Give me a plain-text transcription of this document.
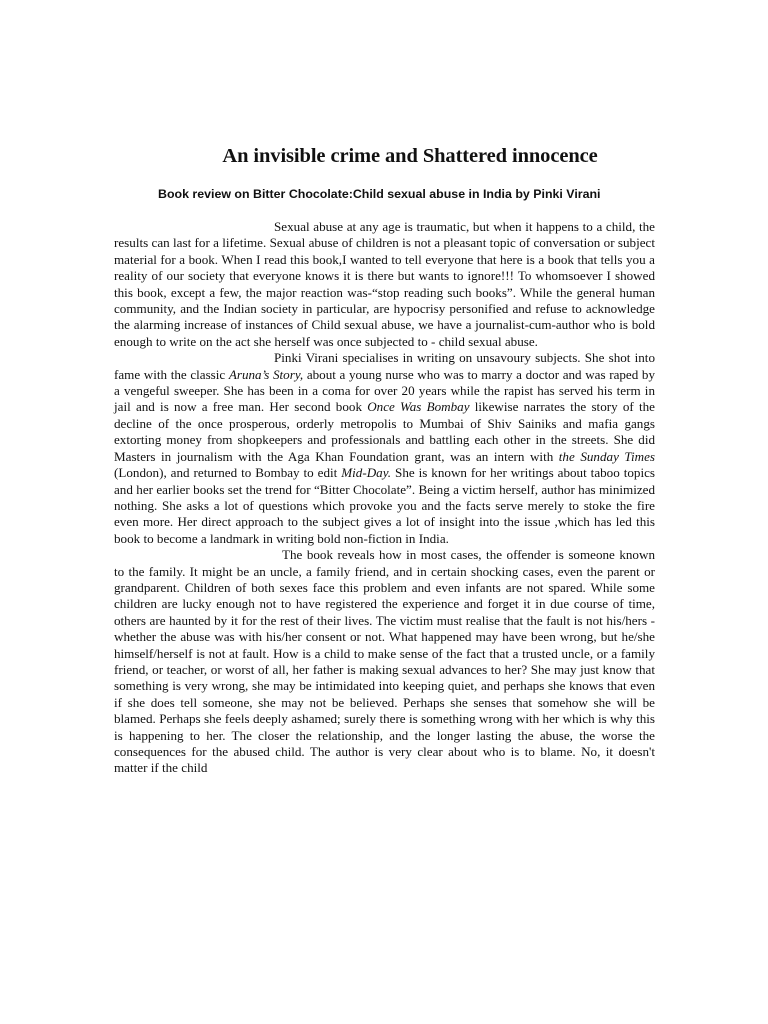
An invisible crime and Shattered innocence
Book review on Bitter Chocolate:Child sexual abuse in India by Pinki Virani

Sexual abuse at any age is traumatic, but when it happens to a child, the results can last for a lifetime. Sexual abuse of children is not a pleasant topic of conversation or subject material for a book. When I read this book,I wanted to tell everyone that here is a book that tells you a reality of our society that everyone knows it is there but wants to ignore!!! To whomsoever I showed this book, except a few, the major reaction was-“stop reading such books”. While the general human community, and the Indian society in particular, are hypocrisy personified and refuse to acknowledge the alarming increase of instances of Child sexual abuse, we have a journalist-cum-author who is bold enough to write on the act she herself was once subjected to - child sexual abuse.

Pinki Virani specialises in writing on unsavoury subjects. She shot into fame with the classic Aruna’s Story, about a young nurse who was to marry a doctor and was raped by a vengeful sweeper. She has been in a coma for over 20 years while the rapist has served his term in jail and is now a free man. Her second book Once Was Bombay likewise narrates the story of the decline of the once prosperous, orderly metropolis to Mumbai of Shiv Sainiks and mafia gangs extorting money from shopkeepers and professionals and battling each other in the streets. She did Masters in journalism with the Aga Khan Foundation grant, was an intern with the Sunday Times (London), and returned to Bombay to edit Mid-Day. She is known for her writings about taboo topics and her earlier books set the trend for “Bitter Chocolate”. Being a victim herself, author has minimized nothing. She asks a lot of questions which provoke you and the facts serve merely to stoke the fire even more. Her direct approach to the subject gives a lot of insight into the issue ,which has led this book to become a landmark in writing bold non-fiction in India.

The book reveals how in most cases, the offender is someone known to the family. It might be an uncle, a family friend, and in certain shocking cases, even the parent or grandparent. Children of both sexes face this problem and even infants are not spared. While some children are lucky enough not to have registered the experience and forget it in due course of time, others are haunted by it for the rest of their lives. The victim must realise that the fault is not his/hers - whether the abuse was with his/her consent or not. What happened may have been wrong, but he/she himself/herself is not at fault. How is a child to make sense of the fact that a trusted uncle, or a family friend, or teacher, or worst of all, her father is making sexual advances to her? She may just know that something is very wrong, she may be intimidated into keeping quiet, and perhaps she knows that even if she does tell someone, she may not be believed. Perhaps she senses that somehow she will be blamed. Perhaps she feels deeply ashamed; surely there is something wrong with her which is why this is happening to her. The closer the relationship, and the longer lasting the abuse, the worse the consequences for the abused child. The author is very clear about who is to blame. No, it doesn't matter if the child
